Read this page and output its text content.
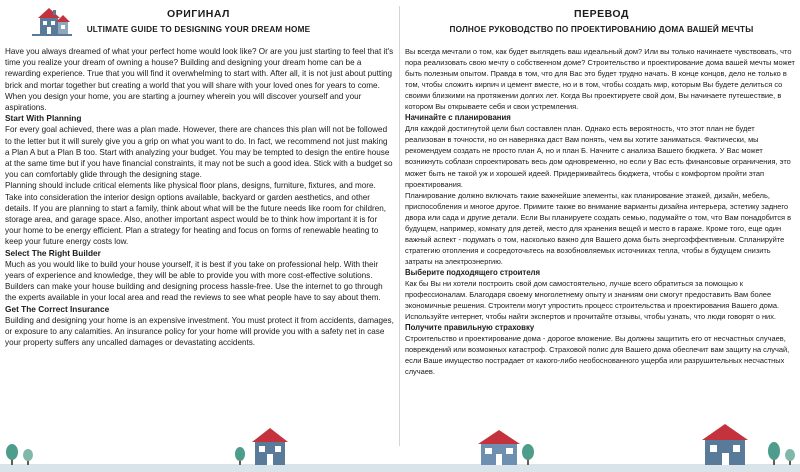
ОРИГИНАЛ
ULTIMATE GUIDE TO DESIGNING YOUR DREAM HOME

Have you always dreamed of what your perfect home would look like? Or are you just starting to feel that it's time you realize your dream of owning a house? Building and designing your dream home can be a rewarding experience. True that you will find it overwhelming to start with. After all, it is not just about putting brick and mortar together but creating a world that you will share with your loved ones for years to come. When you design your home, you are starting a journey wherein you will discover yourself and your aspirations.

Start With Planning

For every goal achieved, there was a plan made. However, there are chances this plan will not be followed to the letter but it will surely give you a grip on what you want to do. In fact, we recommend not just making a Plan A but a Plan B too. Start with analyzing your budget. You may be tempted to design the entire house at the same time but if you have financial constraints, it may not be such a good idea. Stick with a budget so you can comfortably glide through the designing stage.

Planning should include critical elements like physical floor plans, designs, furniture, fixtures, and more. Take into consideration the interior design options available, backyard or garden aesthetics, and other details. If you are planning to start a family, think about what will be the future needs like room for children, storage area, and garage space. Also, another important aspect would be to think how important it is for your home to be energy efficient. Plan a strategy for heating and focus on forms of renewable heating to keep your future energy costs low.

Select The Right Builder

Much as you would like to build your house yourself, it is best if you take on professional help. With their years of experience and knowledge, they will be able to provide you with more cost-effective solutions. Builders can make your house building and designing process hassle-free. Use the internet to go through the experts available in your local area and read the reviews to see what people have to say about them.

Get The Correct Insurance

Building and designing your home is an expensive investment. You must protect it from accidents, damages, or exposure to any calamities. An insurance policy for your home will provide you with a safety net in case your property suffers any uncalled damages or devastating accidents.

ПЕРЕВОД
ПОЛНОЕ РУКОВОДСТВО ПО ПРОЕКТИРОВАНИЮ ДОМА ВАШЕЙ МЕЧТЫ

Вы всегда мечтали о том, как будет выглядеть ваш идеальный дом? Или вы только начинаете чувствовать, что пора реализовать свою мечту о собственном доме? Строительство и проектирование дома вашей мечты может быть полезным опытом. Правда в том, что для Вас это будет трудно начать. В конце концов, дело не только в том, чтобы сложить кирпич и цемент вместе, но и в том, чтобы создать мир, которым Вы будете делиться со своими близкими на протяжении долгих лет. Когда Вы проектируете свой дом, Вы начинаете путешествие, в котором Вы открываете себя и свои устремления.

Начинайте с планирования

Для каждой достигнутой цели был составлен план. Однако есть вероятность, что этот план не будет реализован в точности, но он наверняка даст Вам понять, чем вы хотите заниматься. Фактически, мы рекомендуем создать не просто план А, но и план Б. Начните с анализа Вашего бюджета. У Вас может возникнуть соблазн спроектировать весь дом одновременно, но если у Вас есть финансовые ограничения, это может быть не такой уж и хорошей идеей. Придерживайтесь бюджета, чтобы с комфортом пройти этап проектирования.

Планирование должно включать такие важнейшие элементы, как планирование этажей, дизайн, мебель, приспособления и многое другое. Примите также во внимание варианты дизайна интерьера, эстетику заднего двора или сада и другие детали. Если Вы планируете создать семью, подумайте о том, что Вам понадобится в будущем, например, комнату для детей, место для хранения вещей и место в гараже. Кроме того, еще один важный аспект - подумать о том, насколько важно для Вашего дома быть энергоэффективным. Спланируйте стратегию отопления и сосредоточьтесь на возобновляемых источниках тепла, чтобы в будущем снизить затраты на электроэнергию.

Выберите подходящего строителя

Как бы Вы ни хотели построить свой дом самостоятельно, лучше всего обратиться за помощью к профессионалам. Благодаря своему многолетнему опыту и знаниям они смогут предоставить Вам более экономичные решения. Строители могут упростить процесс строительства и проектирования Вашего дома. Используйте интернет, чтобы найти экспертов и прочитайте отзывы, чтобы узнать, что люди говорят о них.

Получите правильную страховку

Строительство и проектирование дома - дорогое вложение. Вы должны защитить его от несчастных случаев, повреждений или возможных катастроф. Страховой полис для Вашего дома обеспечит вам защиту на случай, если Ваше имущество пострадает от какого-либо необоснованного ущерба или разрушительных несчастных случаев.
